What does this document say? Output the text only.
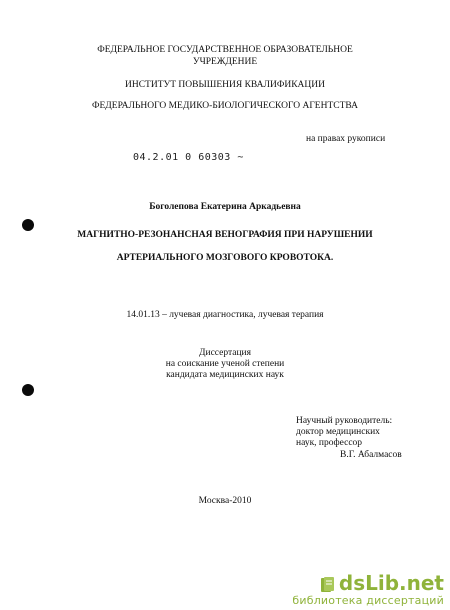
ФЕДЕРАЛЬНОЕ ГОСУДАРСТВЕННОЕ ОБРАЗОВАТЕЛЬНОЕ
УЧРЕЖДЕНИЕ
ИНСТИТУТ ПОВЫШЕНИЯ КВАЛИФИКАЦИИ
ФЕДЕРАЛЬНОГО МЕДИКО-БИОЛОГИЧЕСКОГО АГЕНТСТВА
на правах рукописи
04.2.01 0 60303 ~
Боголепова Екатерина Аркадьевна
МАГНИТНО-РЕЗОНАНСНАЯ ВЕНОГРАФИЯ ПРИ НАРУШЕНИИ
АРТЕРИАЛЬНОГО МОЗГОВОГО КРОВОТОКА.
14.01.13 – лучевая диагностика, лучевая терапия
Диссертация
на соискание ученой степени
кандидата медицинских наук
Научный руководитель:
доктор медицинских
наук, профессор
В.Г. Абалмасов
Москва-2010
dsLib.net
библиотека диссертаций
